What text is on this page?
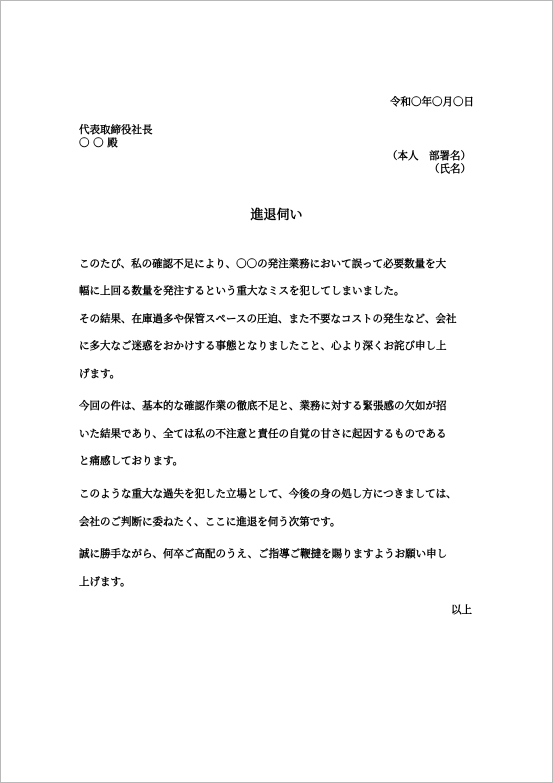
令和〇年〇月〇日
代表取締役社長
〇 〇 殿
（本人　部署名）
（氏名）
進退伺い
このたび、私の確認不足により、〇〇の発注業務において誤って必要数量を大
幅に上回る数量を発注するという重大なミスを犯してしまいました。
その結果、在庫過多や保管スペースの圧迫、また不要なコストの発生など、会社
に多大なご迷惑をおかけする事態となりましたこと、心より深くお詫び申し上
げます。
今回の件は、基本的な確認作業の徹底不足と、業務に対する緊張感の欠如が招
いた結果であり、全ては私の不注意と責任の自覚の甘さに起因するものである
と痛感しております。
このような重大な過失を犯した立場として、今後の身の処し方につきましては、
会社のご判断に委ねたく、ここに進退を伺う次第です。
誠に勝手ながら、何卒ご高配のうえ、ご指導ご鞭撻を賜りますようお願い申し
上げます。
以上
